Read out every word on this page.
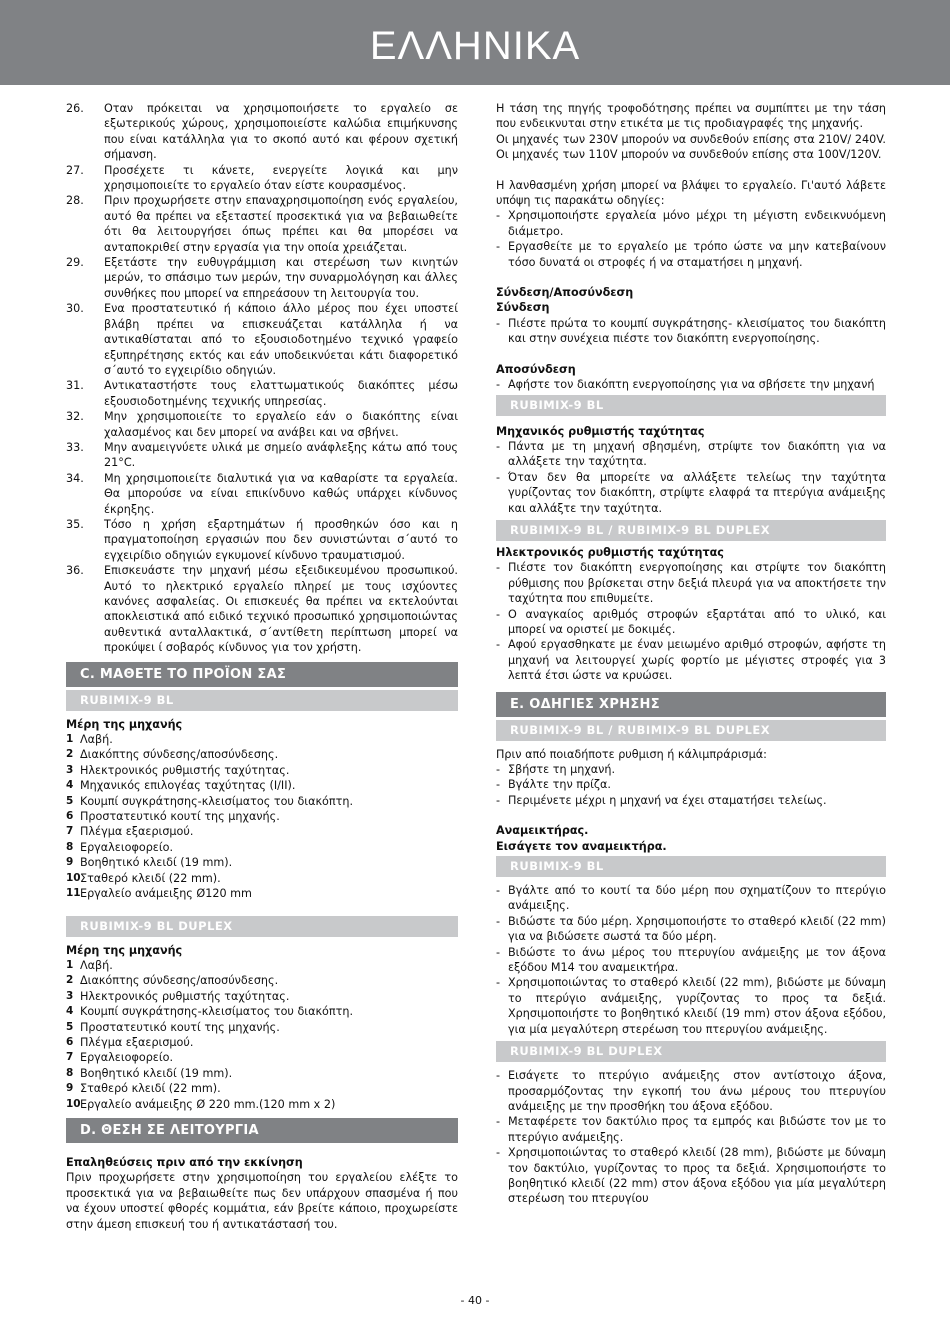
ΕΛΛΗΝΙΚΑ
26.	Οταν πρόκειται να χρησιμοποιήσετε το εργαλείο σε εξωτερικούς χώρους, χρησιμοποιείστε καλώδια επιμήκυνσης που είναι κατάλληλα για το σκοπό αυτό και φέρουν σχετική σήμανση.
27.	Προσέχετε τι κάνετε, ενεργείτε λογικά και μην χρησιμοποιείτε το εργαλείο όταν είστε κουρασμένος.
28.	Πριν προχωρήσετε στην επαναχρησιμοποίηση ενός εργαλείου, αυτό θα πρέπει να εξεταστεί προσεκτικά για να βεβαιωθείτε ότι θα λειτουργήσει όπως πρέπει και θα μπορέσει να ανταποκριθεί στην εργασία για την οποία χρειάζεται.
29.	Εξετάστε την ευθυγράμμιση και στερέωση των κινητών μερών, το σπάσιμο των μερών, την συναρμολόγηση και άλλες συνθήκες που μπορεί να επηρεάσουν τη λειτουργία του.
30.	Ενα προστατευτικό ή κάποιο άλλο μέρος που έχει υποστεί βλάβη πρέπει να επισκευάζεται κατάλληλα ή να αντικαθίσταται από το εξουσιοδοτημένο τεχνικό γραφείο εξυπηρέτησης εκτός και εάν υποδεικνύεται κάτι διαφορετικό σ΄αυτό το εγχειρίδιο οδηγιών.
31.	Αντικαταστήστε τους ελαττωματικούς διακόπτες μέσω εξουσιοδοτημένης τεχνικής υπηρεσίας.
32.	Μην χρησιμοποιείτε το εργαλείο εάν ο διακόπτης είναι χαλασμένος και δεν μπορεί να ανάβει και να σβήνει.
33.	Μην αναμειγνύετε υλικά με σημείο ανάφλεξης κάτω από τους 21°C.
34.	Μη χρησιμοποιείτε διαλυτικά για να καθαρίστε τα εργαλεία. Θα μπορούσε να είναι επικίνδυνο καθώς υπάρχει κίνδυνος έκρηξης.
35.	Τόσο η χρήση εξαρτημάτων ή προσθηκών όσο και η πραγματοποίηση εργασιών που δεν συνιστώνται σ΄αυτό το εγχειρίδιο οδηγιών εγκυμονεί κίνδυνο τραυματισμού.
36.	Επισκευάστε την μηχανή μέσω εξειδικευμένου προσωπικού. Αυτό το ηλεκτρικό εργαλείο πληρεί με τους ισχύοντες κανόνες ασφαλείας. Οι επισκευές θα πρέπει να εκτελούνται αποκλειστικά από ειδικό τεχνικό προσωπικό χρησιμοποιώντας αυθεντικά ανταλλακτικά, σ΄αντίθετη περίπτωση μπορεί να προκύψει ί σοβαρός κίνδυνος για τον χρήστη.
C. ΜΑΘΕΤΕ ΤΟ ΠΡΟΪΟΝ ΣΑΣ
RUBIMIX-9 BL
Μέρη της μηχανής
1 Λαβή.
2 Διακόπτης σύνδεσης/αποσύνδεσης.
3 Ηλεκτρονικός ρυθμιστής ταχύτητας.
4 Μηχανικός επιλογέας ταχύτητας (I/II).
5 Κουμπί συγκράτησης-κλεισίματος του διακόπτη.
6 Προστατευτικό κουτί της μηχανής.
7 Πλέγμα εξαερισμού.
8 Εργαλειοφορείο.
9 Βοηθητικό κλειδί (19 mm).
10 Σταθερό κλειδί (22 mm).
11 Εργαλείο ανάμειξης Ø120 mm
RUBIMIX-9 BL DUPLEX
Μέρη της μηχανής
1 Λαβή.
2 Διακόπτης σύνδεσης/αποσύνδεσης.
3 Ηλεκτρονικός ρυθμιστής ταχύτητας.
4 Κουμπί συγκράτησης-κλεισίματος του διακόπτη.
5 Προστατευτικό κουτί της μηχανής.
6 Πλέγμα εξαερισμού.
7 Εργαλειοφορείο.
8 Βοηθητικό κλειδί (19 mm).
9 Σταθερό κλειδί (22 mm).
10 Εργαλείο ανάμειξης Ø 220 mm.(120 mm x 2)
D. ΘΕΣΗ ΣΕ ΛΕΙΤΟΥΡΓΙΑ
Επαληθεύσεις πριν από την εκκίνηση

Πριν προχωρήσετε στην χρησιμοποίηση του εργαλείου ελέξτε το προσεκτικά για να βεβαιωθείτε πως δεν υπάρχουν σπασμένα ή που να έχουν υποστεί φθορές κομμάτια, εάν βρείτε κάποιο, προχωρείστε στην άμεση επισκευή του ή αντικατάστασή του.

Η τάση της πηγής τροφοδότησης πρέπει να συμπίπτει με την τάση που ενδεικνυται στην ετικέτα με τις προδιαγραφές της μηχανής.

Οι μηχανές των 230V μπορούν να συνδεθούν επίσης στα 210V/ 240V. Οι μηχανές των 110V μπορούν να συνδεθούν επίσης στα 100V/120V.

Η λανθασμένη χρήση μπορεί να βλάψει το εργαλείο. Γι'αυτό λάβετε υπόψη τις παρακάτω οδηγίες:

- Χρησιμοποιήστε εργαλεία μόνο μέχρι τη μέγιστη ενδεικνυόμενη διάμετρο.
- Εργασθείτε με το εργαλείο με τρόπο ώστε να μην κατεβαίνουν τόσο δυνατά οι στροφές ή να σταματήσει η μηχανή.
Σύνδεση/Αποσύνδεση
Σύνδεση
- Πιέστε πρώτα το κουμπί συγκράτησης- κλεισίματος του διακόπτη και στην συνέχεια πιέστε τον διακόπτη ενεργοποίησης.
Αποσύνδεση
- Αφήστε τον διακόπτη ενεργοποίησης για να σβήσετε την μηχανή
RUBIMIX-9 BL
Μηχανικός ρυθμιστής ταχύτητας
- Πάντα με τη μηχανή σβησμένη, στρίψτε τον διακόπτη για να αλλάξετε την ταχύτητα.
- Όταν δεν θα μπορείτε να αλλάξετε τελείως την ταχύτητα γυρίζοντας τον διακόπτη, στρίψτε ελαφρά τα πτερύγια ανάμειξης και αλλάξτε την ταχύτητα.
RUBIMIX-9 BL / RUBIMIX-9 BL DUPLEX
Ηλεκτρονικός ρυθμιστής ταχύτητας
- Πιέστε τον διακόπτη ενεργοποίησης και στρίψτε τον διακόπτη ρύθμισης που βρίσκεται στην δεξιά πλευρά για να αποκτήσετε την ταχύτητα που επιθυμείτε.
- Ο αναγκαίος αριθμός στροφών εξαρτάται από το υλικό, και μπορεί να οριστεί με δοκιμές.
- Αφού εργασθηκατε με έναν μειωμένο αριθμό στροφών, αφήστε τη μηχανή να λειτουργεί χωρίς φορτίο με μέγιστες στροφές για 3 λεπτά έτσι ώστε να κρυώσει.
E. ΟΔΗΓΙΕΣ ΧΡΗΣΗΣ
RUBIMIX-9 BL / RUBIMIX-9 BL DUPLEX

Πριν από ποιαδήποτε ρυθμιση ή κάλιμπράρισμά:

- Σβήστε τη μηχανή.
- Βγάλτε την πρίζα.
- Περιμένετε μέχρι η μηχανή να έχει σταματήσει τελείως.
Αναμεικτήρας.
Εισάγετε τον αναμεικτήρα.
RUBIMIX-9 BL
- Βγάλτε από το κουτί τα δύο μέρη που σχηματίζουν το πτερύγιο ανάμειξης.
- Βιδώστε τα δύο μέρη. Χρησιμοποιήστε το σταθερό κλειδί (22 mm) για να βιδώσετε σωστά τα δύο μέρη.
- Βιδώστε το άνω μέρος του πτερυγίου ανάμειξης με τον άξονα εξόδου M14 του αναμεικτήρα.
- Χρησιμοποιώντας το σταθερό κλειδί (22 mm), βιδώστε με δύναμη το πτερύγιο ανάμειξης, γυρίζοντας το προς τα δεξιά. Χρησιμοποιήστε το βοηθητικό κλειδί (19 mm) στον άξονα εξόδου, για μία μεγαλύτερη στερέωση του πτερυγίου ανάμειξης.
RUBIMIX-9 BL DUPLEX
- Εισάγετε το πτερύγιο ανάμειξης στον αντίστοιχο άξονα, προσαρμόζοντας την εγκοπή του άνω μέρους του πτερυγίου ανάμειξης με την προσθήκη του άξονα εξόδου.
- Μεταφέρετε τον δακτύλιο προς τα εμπρός και βιδώστε τον με το πτερύγιο ανάμειξης.
- Χρησιμοποιώντας το σταθερό κλειδί (28 mm), βιδώστε με δύναμη τον δακτύλιο, γυρίζοντας το προς τα δεξιά. Χρησιμοποιήστε το βοηθητικό κλειδί (22 mm) στον άξονα εξόδου για μία μεγαλύτερη στερέωση του πτερυγίου
- 40 -
